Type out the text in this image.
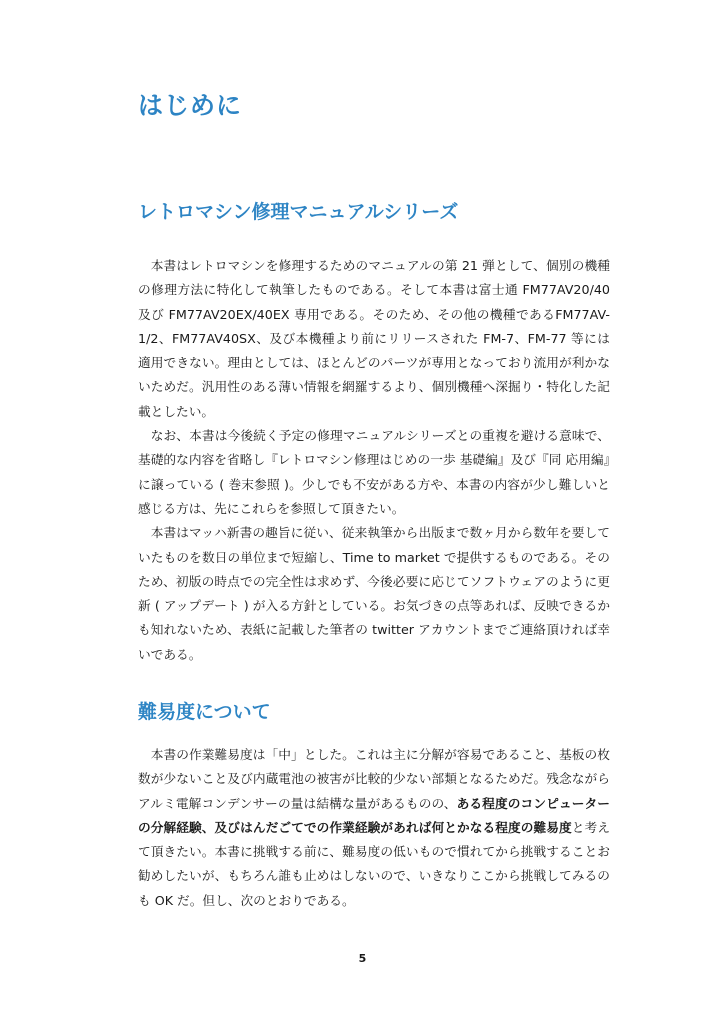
はじめに
レトロマシン修理マニュアルシリーズ

本書はレトロマシンを修理するためのマニュアルの第 21 弾として、個別の機種の修理方法に特化して執筆したものである。そして本書は富士通 FM77AV20/40 及び FM77AV20EX/40EX 専用である。そのため、その他の機種であるFM77AV-1/2、FM77AV40SX、及び本機種より前にリリースされた FM-7、FM-77 等には適用できない。理由としては、ほとんどのパーツが専用となっており流用が利かないためだ。汎用性のある薄い情報を網羅するより、個別機種へ深掘り・特化した記載としたい。

なお、本書は今後続く予定の修理マニュアルシリーズとの重複を避ける意味で、基礎的な内容を省略し『レトロマシン修理はじめの一歩 基礎編』及び『同 応用編』に譲っている ( 巻末参照 )。少しでも不安がある方や、本書の内容が少し難しいと感じる方は、先にこれらを参照して頂きたい。

本書はマッハ新書の趣旨に従い、従来執筆から出版まで数ヶ月から数年を要していたものを数日の単位まで短縮し、Time to market で提供するものである。そのため、初版の時点での完全性は求めず、今後必要に応じてソフトウェアのように更新 ( アップデート ) が入る方針としている。お気づきの点等あれば、反映できるかも知れないため、表紙に記載した筆者の twitter アカウントまでご連絡頂ければ幸いである。

難易度について

本書の作業難易度は「中」とした。これは主に分解が容易であること、基板の枚数が少ないこと及び内蔵電池の被害が比較的少ない部類となるためだ。残念ながらアルミ電解コンデンサーの量は結構な量があるものの、ある程度のコンピューターの分解経験、及びはんだごてでの作業経験があれば何とかなる程度の難易度と考えて頂きたい。本書に挑戦する前に、難易度の低いもので慣れてから挑戦することお勧めしたいが、もちろん誰も止めはしないので、いきなりここから挑戦してみるのも OK だ。但し、次のとおりである。

5
